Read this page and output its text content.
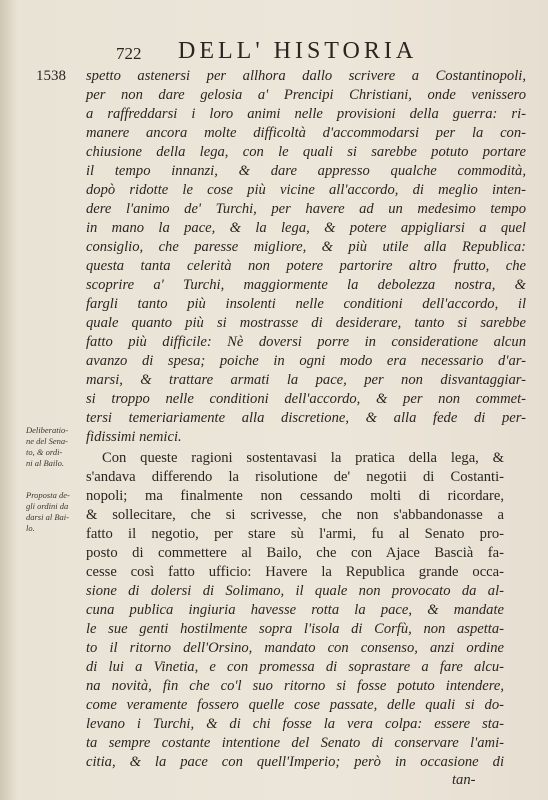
722 DELL' HISTORIA
1538
Deliberatio-
ne del Sena-
to, & ordi-
ni al Bailo.
Proposta de-
gli ordini da
darsi al Bai-
lo.
spetto astenersi per allhora dallo scrivere a Costantinopoli,
per non dare gelosia a' Prencipi Christiani, onde venissero
a raffreddarsi i loro animi nelle provisioni della guerra: ri-
manere ancora molte difficoltà d'accommodarsi per la con-
chiusione della lega, con le quali si sarebbe potuto portare
il tempo innanzi, & dare appresso qualche commodità,
dopò ridotte le cose più vicine all'accordo, di meglio inten-
dere l'animo de' Turchi, per havere ad un medesimo tempo
in mano la pace, & la lega, & potere appigliarsi a quel
consiglio, che paresse migliore, & più utile alla Republica:
questa tanta celerità non potere partorire altro frutto, che
scoprire a' Turchi, maggiormente la debolezza nostra, &
fargli tanto più insolenti nelle conditioni dell'accordo, il
quale quanto più si mostrasse di desiderare, tanto si sarebbe
fatto più difficile: Nè doversi porre in consideratione alcun
avanzo di spesa; poiche in ogni modo era necessario d'ar-
marsi, & trattare armati la pace, per non disvantaggiar-
si troppo nelle conditioni dell'accordo, & per non commet-
tersi temeriariamente alla discretione, & alla fede di per-
fidissimi nemici.
Con queste ragioni sostentavasi la pratica della lega, &
s'andava differendo la risolutione de' negotii di Costanti-
nopoli; ma finalmente non cessando molti di ricordare,
& sollecitare, che si scrivesse, che non s'abbandonasse a
fatto il negotio, per stare sù l'armi, fu al Senato pro-
posto di commettere al Bailo, che con Ajace Bascià fa-
cesse così fatto ufficio: Havere la Republica grande occa-
sione di dolersi di Solimano, il quale non provocato da al-
cuna publica ingiuria havesse rotta la pace, & mandate
le sue genti hostilmente sopra l'isola di Corfù, non aspetta-
to il ritorno dell'Orsino, mandato con consenso, anzi ordine
di lui a Vinetia, e con promessa di soprastare a fare alcu-
na novità, fin che co'l suo ritorno si fosse potuto intendere,
come veramente fossero quelle cose passate, delle quali si do-
levano i Turchi, & di chi fosse la vera colpa: essere sta-
ta sempre costante intentione del Senato di conservare l'ami-
citia, & la pace con quell'Imperio; però in occasione di
tan-
